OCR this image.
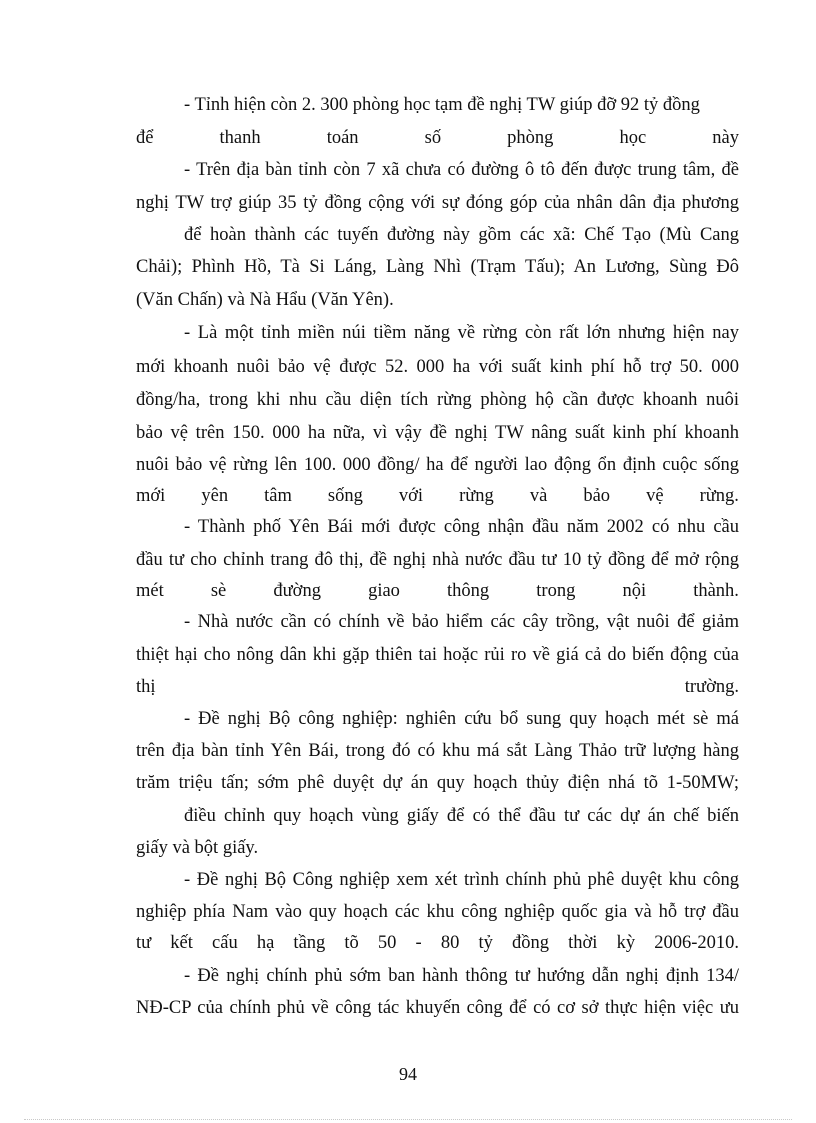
- Tỉnh hiện còn 2. 300 phòng học tạm đề nghị TW giúp đỡ 92 tỷ đồng
để	thanh	toán	số	phòng	học	này
- Trên địa bàn tỉnh còn 7 xã chưa có đường ô tô đến được trung tâm, đề
nghị TW trợ giúp 35 tỷ đồng cộng với sự đóng góp của nhân dân địa phương
để hoàn thành các tuyến đường này gồm các xã: Chế Tạo (Mù Cang
Chải); Phình Hồ, Tà Si Láng, Làng Nhì (Trạm Tấu); An Lương, Sùng Đô
(Văn Chấn) và Nà Hẩu (Văn Yên).
- Là một tỉnh miền núi tiềm năng về rừng còn rất lớn nhưng hiện nay
mới khoanh nuôi bảo vệ được 52. 000 ha với suất kinh phí hỗ trợ 50. 000
đồng/ha, trong khi nhu cầu diện tích rừng phòng hộ cần được khoanh nuôi
bảo vệ trên 150. 000 ha nữa, vì vậy đề nghị TW nâng suất kinh phí khoanh
nuôi bảo vệ rừng lên 100. 000 đồng/ ha để người lao động ổn định cuộc sống
mới yên tâm sống với rừng và bảo vệ rừng.
- Thành phố Yên Bái mới được công nhận đầu năm 2002 có nhu cầu
đầu tư cho chỉnh trang đô thị, đề nghị nhà nước đầu tư 10 tỷ đồng để mở rộng
mét	sè	đường	giao	thông	trong	nội	thành.
- Nhà nước cần có chính về bảo hiểm các cây trồng, vật nuôi để giảm
thiệt hại cho nông dân khi gặp thiên tai hoặc rủi ro về giá cả do biến động của
thị	trường.
- Đề nghị Bộ công nghiệp: nghiên cứu bổ sung quy hoạch mét sè má
trên địa bàn tỉnh Yên Bái, trong đó có khu má sắt Làng Thảo trữ lượng hàng
trăm triệu tấn; sớm phê duyệt dự án quy hoạch thủy điện nhá tõ 1-50MW;
điều chỉnh quy hoạch vùng giấy để có thể đầu tư các dự án chế biến
giấy và bột giấy.
- Đề nghị Bộ Công nghiệp xem xét trình chính phủ phê duyệt khu công
nghiệp phía Nam vào quy hoạch các khu công nghiệp quốc gia và hỗ trợ đầu
tư kết cấu hạ tầng tõ 50 - 80 tỷ đồng thời kỳ 2006-2010.
- Đề nghị chính phủ sớm ban hành thông tư hướng dẫn nghị định 134/
NĐ-CP của chính phủ về công tác khuyến công để có cơ sở thực hiện việc ưu
94
